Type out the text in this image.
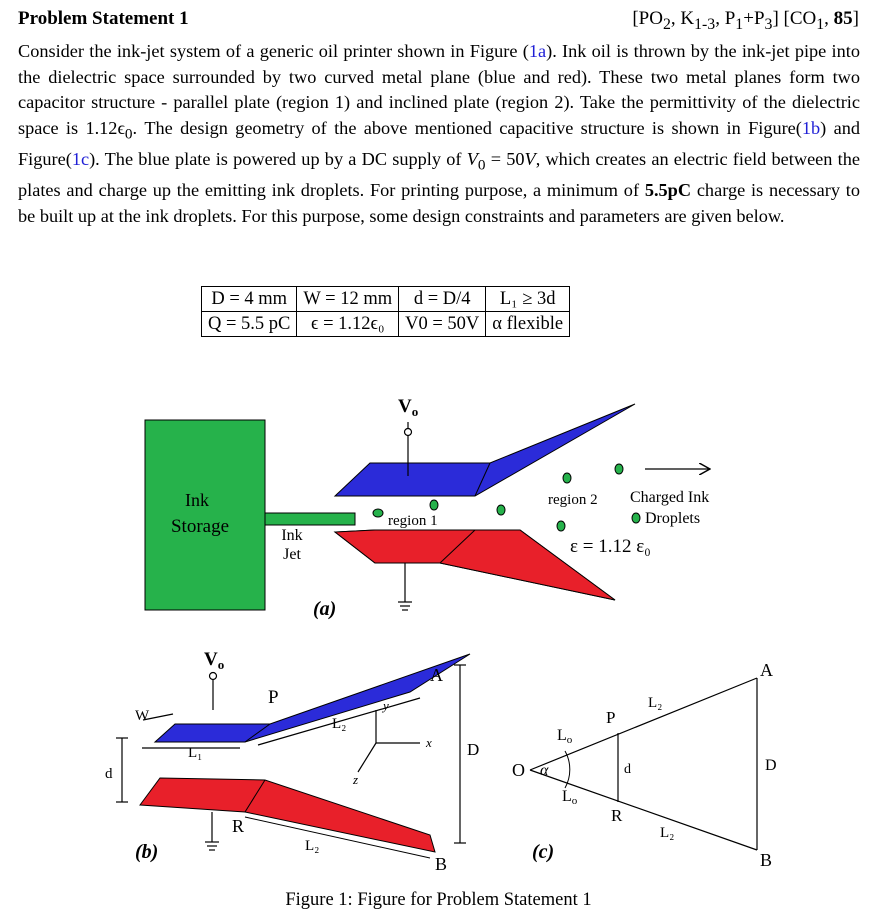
Problem Statement 1	[$PO_2$, $K_{1-3}$, $P_1+P_3$] [$CO_1$, 85]
Consider the ink-jet system of a generic oil printer shown in Figure (1a). Ink oil is thrown by the ink-jet pipe into the dielectric space surrounded by two curved metal plane (blue and red). These two metal planes form two capacitor structure - parallel plate (region 1) and inclined plate (region 2). Take the permittivity of the dielectric space is $1.12\epsilon_0$. The design geometry of the above mentioned capacitive structure is shown in Figure(1b) and Figure(1c). The blue plate is powered up by a DC supply of $V_0 = 50V$, which creates an electric field between the plates and charge up the emitting ink droplets. For printing purpose, a minimum of 5.5pC charge is necessary to be built up at the ink droplets. For this purpose, some design constraints and parameters are given below.
D = 4 mm	W = 12 mm	d = D/4	L₁ ≥ 3d
Q = 5.5 pC	ϵ = 1.12ϵ₀	V0 = 50V	α flexible
Ink
Storage	Ink
Jet
$V_o$
region 1
region 2 Charged Ink
Droplets
ε = 1.12 ε₀
(a)
$V_o$
W
L₁
L₂
P
R
L₂
A
B
D
d
y
x
z
(b)
O
Lo
α
Lo
P
R
d
L₂
L₂
A
B
D
(c)
Figure 1: Figure for Problem Statement 1
